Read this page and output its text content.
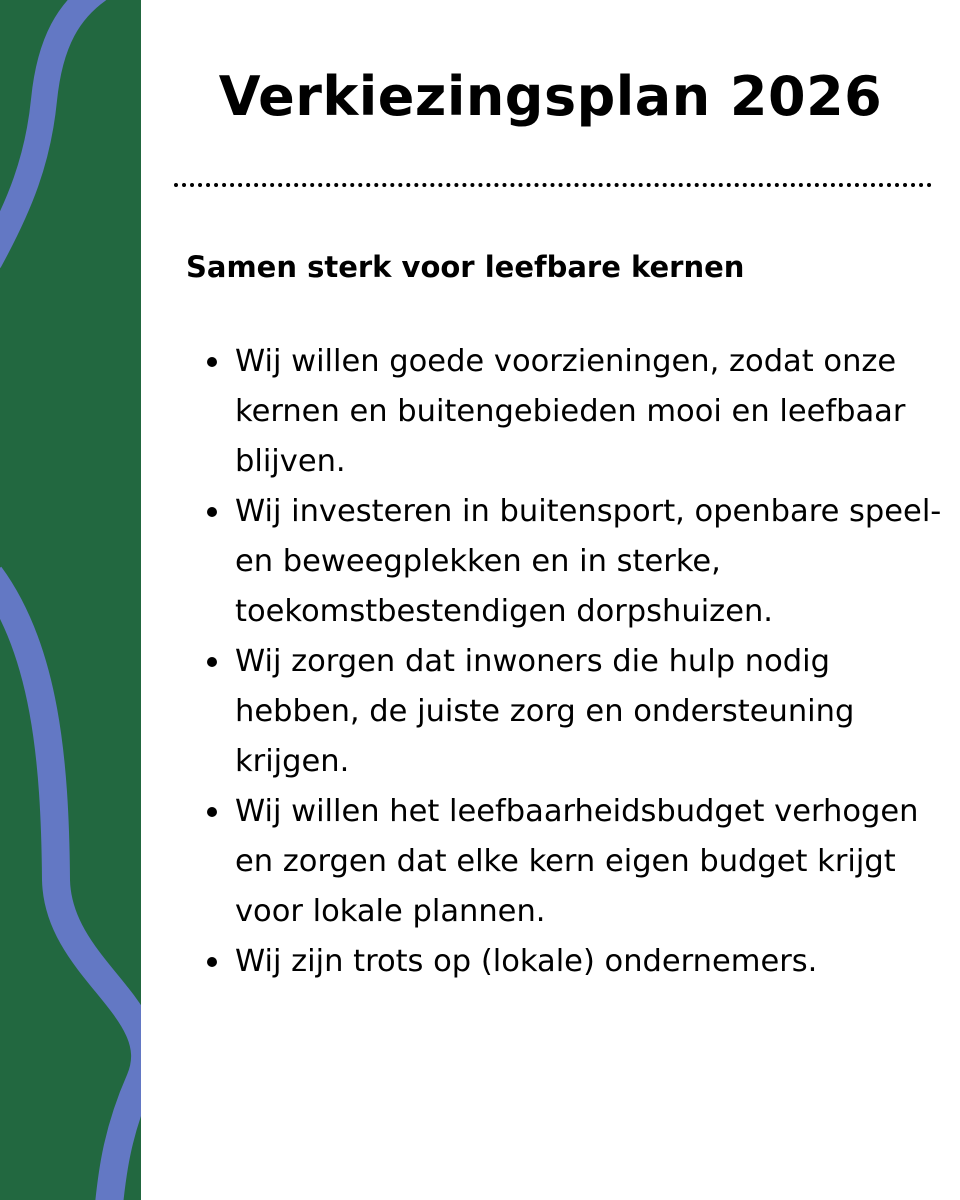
Verkiezingsplan 2026
Samen sterk voor leefbare kernen
Wij willen goede voorzieningen, zodat onze kernen en buitengebieden mooi en leefbaar blijven.
Wij investeren in buitensport, openbare speel- en beweegplekken en in sterke, toekomstbestendigen dorpshuizen.
Wij zorgen dat inwoners die hulp nodig hebben, de juiste zorg en ondersteuning krijgen.
Wij willen het leefbaarheidsbudget verhogen en zorgen dat elke kern eigen budget krijgt voor lokale plannen.
Wij zijn trots op (lokale) ondernemers.
